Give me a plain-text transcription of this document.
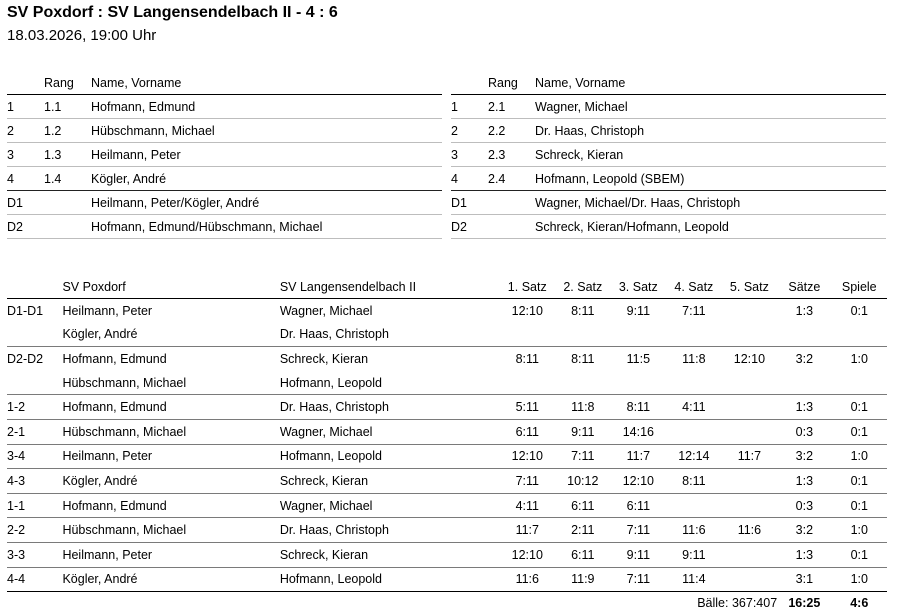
SV Poxdorf : SV Langensendelbach II - 4 : 6
18.03.2026, 19:00 Uhr
	Rang	Name, Vorname
1	1.1	Hofmann, Edmund
2	1.2	Hübschmann, Michael
3	1.3	Heilmann, Peter
4	1.4	Kögler, André
D1		Heilmann, Peter/Kögler, André
D2		Hofmann, Edmund/Hübschmann, Michael
	Rang	Name, Vorname
1	2.1	Wagner, Michael
2	2.2	Dr. Haas, Christoph
3	2.3	Schreck, Kieran
4	2.4	Hofmann, Leopold (SBEM)
D1		Wagner, Michael/Dr. Haas, Christoph
D2		Schreck, Kieran/Hofmann, Leopold
	SV Poxdorf	SV Langensendelbach II	1. Satz	2. Satz	3. Satz	4. Satz	5. Satz	Sätze	Spiele
D1-D1	Heilmann, Peter	Wagner, Michael	12:10	8:11	9:11	7:11		1:3	0:1
	Kögler, André	Dr. Haas, Christoph							
D2-D2	Hofmann, Edmund	Schreck, Kieran	8:11	8:11	11:5	11:8	12:10	3:2	1:0
	Hübschmann, Michael	Hofmann, Leopold							
1-2	Hofmann, Edmund	Dr. Haas, Christoph	5:11	11:8	8:11	4:11		1:3	0:1
2-1	Hübschmann, Michael	Wagner, Michael	6:11	9:11	14:16			0:3	0:1
3-4	Heilmann, Peter	Hofmann, Leopold	12:10	7:11	11:7	12:14	11:7	3:2	1:0
4-3	Kögler, André	Schreck, Kieran	7:11	10:12	12:10	8:11		1:3	0:1
1-1	Hofmann, Edmund	Wagner, Michael	4:11	6:11	6:11			0:3	0:1
2-2	Hübschmann, Michael	Dr. Haas, Christoph	11:7	2:11	7:11	11:6	11:6	3:2	1:0
3-3	Heilmann, Peter	Schreck, Kieran	12:10	6:11	9:11	9:11		1:3	0:1
4-4	Kögler, André	Hofmann, Leopold	11:6	11:9	7:11	11:4		3:1	1:0
			Bälle: 367:407					16:25	4:6
